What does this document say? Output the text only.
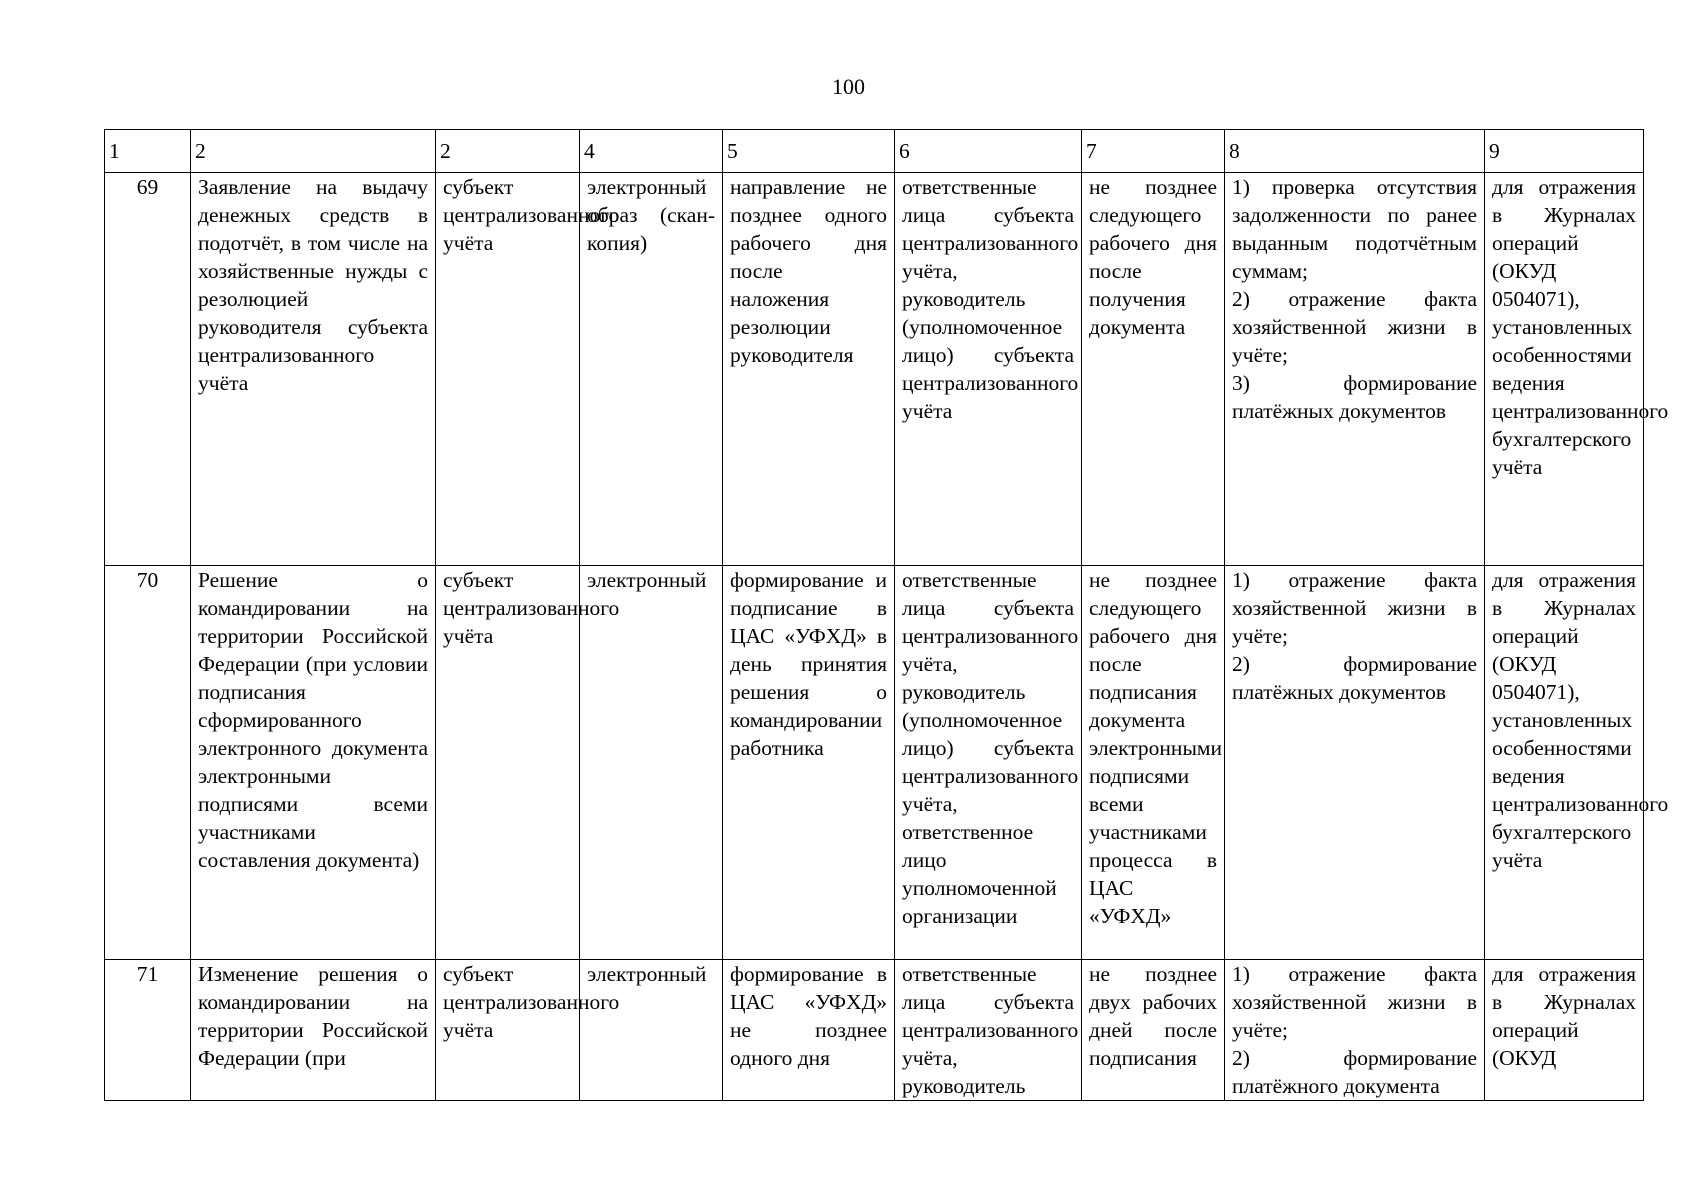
100
1	2	2	4	5	6	7	8	9
69	Заявление на выдачу денежных средств в подотчёт, в том числе на хозяйственные нужды с резолюцией руководителя субъекта централизованного учёта	субъект централизованного учёта	электронный образ (скан-копия)	направление не позднее одного рабочего дня после наложения резолюции руководителя	ответственные лица субъекта централизованного учёта, руководитель (уполномоченное лицо) субъекта централизованного учёта	не позднее следующего рабочего дня после получения документа	1) проверка отсутствия задолженности по ранее выданным подотчётным суммам;
2) отражение факта хозяйственной жизни в учёте;
3) формирование платёжных документов	для отражения в Журналах операций (ОКУД 0504071), установленных особенностями ведения централизованного бухгалтерского учёта
70	Решение о командировании на территории Российской Федерации (при условии подписания сформированного электронного документа электронными подписями всеми участниками составления документа)	субъект централизованного учёта	электронный	формирование и подписание в ЦАС «УФХД» в день принятия решения о командировании работника	ответственные лица субъекта централизованного учёта, руководитель (уполномоченное лицо) субъекта централизованного учёта, ответственное лицо уполномоченной организации	не позднее следующего рабочего дня после подписания документа электронными подписями всеми участниками процесса в ЦАС «УФХД»	1) отражение факта хозяйственной жизни в учёте;
2) формирование платёжных документов	для отражения в Журналах операций (ОКУД 0504071), установленных особенностями ведения централизованного бухгалтерского учёта
71	Изменение решения о командировании на территории Российской Федерации (при	субъект централизованного учёта	электронный	формирование в ЦАС «УФХД» не позднее одного дня	ответственные лица субъекта централизованного учёта, руководитель	не позднее двух рабочих дней после подписания	1) отражение факта хозяйственной жизни в учёте;
2) формирование платёжного документа	для отражения в Журналах операций (ОКУД
